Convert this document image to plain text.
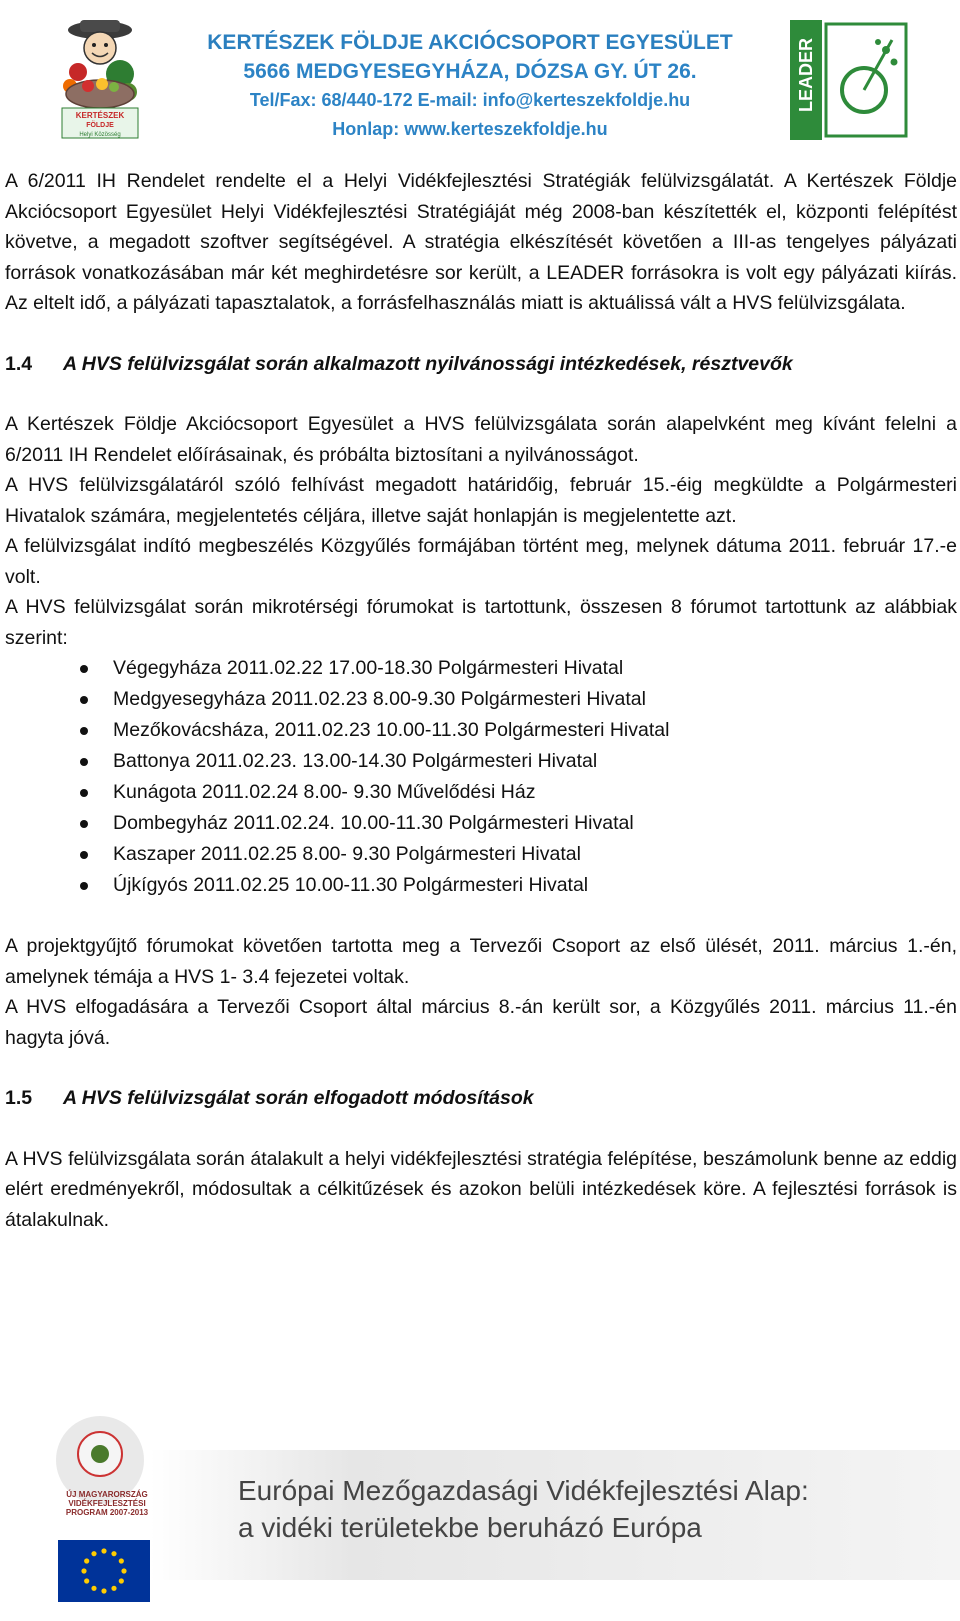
KERTÉSZEK
FÖLDJE
Helyi Közösség
KERTÉSZEK FÖLDJE AKCIÓCSOPORT EGYESÜLET
5666 MEDGYESEGYHÁZA, DÓZSA GY. ÚT 26.
Tel/Fax: 68/440-172 E-mail: info@kerteszekfoldje.hu
Honlap: www.kerteszekfoldje.hu
LEADER

A 6/2011 IH Rendelet rendelte el a Helyi Vidékfejlesztési Stratégiák felülvizsgálatát. A Kertészek Földje Akciócsoport Egyesület Helyi Vidékfejlesztési Stratégiáját még 2008-ban készítették el, központi felépítést követve, a megadott szoftver segítségével. A stratégia elkészítését követően a III-as tengelyes pályázati források vonatkozásában már két meghirdetésre sor került, a LEADER forrásokra is volt egy pályázati kiírás. Az eltelt idő, a pályázati tapasztalatok, a forrásfelhasználás miatt is aktuálissá vált a HVS felülvizsgálata.

1.4 A HVS felülvizsgálat során alkalmazott nyilvánossági intézkedések, résztvevők

A Kertészek Földje Akciócsoport Egyesület a HVS felülvizsgálata során alapelvként meg kívánt felelni a 6/2011 IH Rendelet előírásainak, és próbálta biztosítani a nyilvánosságot.

A HVS felülvizsgálatáról szóló felhívást megadott határidőig, február 15.-éig megküldte a Polgármesteri Hivatalok számára, megjelentetés céljára, illetve saját honlapján is megjelentette azt.

A felülvizsgálat indító megbeszélés Közgyűlés formájában történt meg, melynek dátuma 2011. február 17.-e volt.

A HVS felülvizsgálat során mikrotérségi fórumokat is tartottunk, összesen 8 fórumot tartottunk az alábbiak szerint:

Végegyháza 2011.02.22 17.00-18.30 Polgármesteri Hivatal
Medgyesegyháza 2011.02.23 8.00-9.30 Polgármesteri Hivatal
Mezőkovácsháza, 2011.02.23 10.00-11.30 Polgármesteri Hivatal
Battonya 2011.02.23. 13.00-14.30 Polgármesteri Hivatal
Kunágota 2011.02.24 8.00- 9.30 Művelődési Ház
Dombegyház 2011.02.24. 10.00-11.30 Polgármesteri Hivatal
Kaszaper 2011.02.25 8.00- 9.30 Polgármesteri Hivatal
Újkígyós 2011.02.25 10.00-11.30 Polgármesteri Hivatal

A projektgyűjtő fórumokat követően tartotta meg a Tervezői Csoport az első ülését, 2011. március 1.-én, amelynek témája a HVS 1- 3.4 fejezetei voltak.

A HVS elfogadására a Tervezői Csoport által március 8.-án került sor, a Közgyűlés 2011. március 11.-én hagyta jóvá.

1.5 A HVS felülvizsgálat során elfogadott módosítások

A HVS felülvizsgálata során átalakult a helyi vidékfejlesztési stratégia felépítése, beszámolunk benne az eddig elért eredményekről, módosultak a célkitűzések és azokon belüli intézkedések köre. A fejlesztési források is átalakulnak.

ÚJ MAGYARORSZÁG VIDÉKFEJLESZTÉSI PROGRAM 2007-2013
Európai Mezőgazdasági Vidékfejlesztési Alap:
a vidéki területekbe beruházó Európa
